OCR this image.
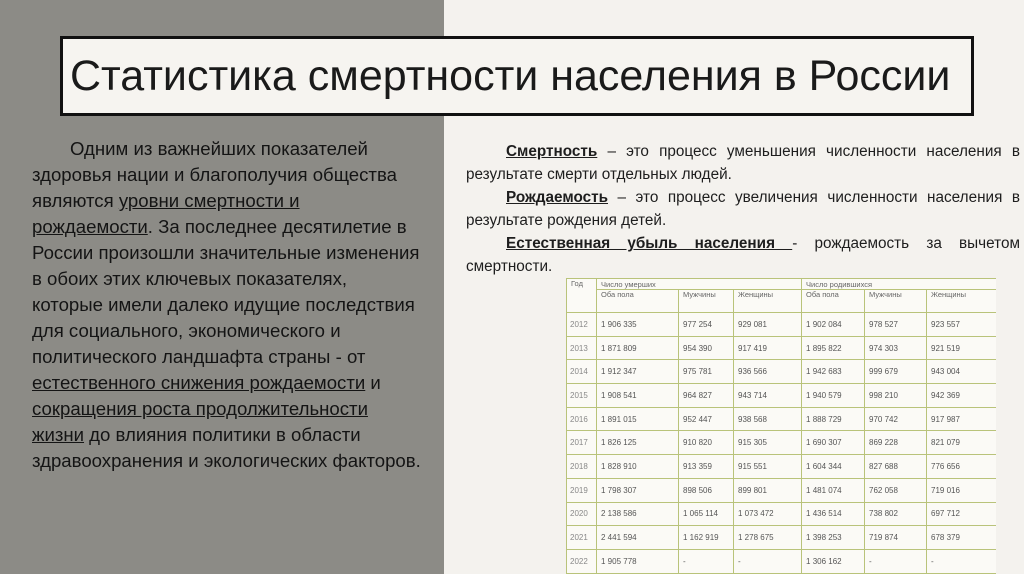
Статистика смертности населения в России

Одним из важнейших показателей здоровья нации и благополучия общества являются уровни смертности и рождаемости. За последнее десятилетие в России произошли значительные изменения в обоих этих ключевых показателях, которые имели далеко идущие последствия для социального, экономического и политического ландшафта страны - от естественного снижения рождаемости и сокращения роста продолжительности жизни до влияния политики в области здравоохранения и экологических факторов.

Смертность – это процесс уменьшения численности населения в результате смерти отдельных людей.

Рождаемость – это процесс увеличения численности населения в результате рождения детей.

Естественная убыль населения - рождаемость за вычетом смертности.

Год	Число умерших			Число родившихся		
	Оба пола	Мужчины	Женщины	Оба пола	Мужчины	Женщины
2012	1 906 335	977 254	929 081	1 902 084	978 527	923 557
2013	1 871 809	954 390	917 419	1 895 822	974 303	921 519
2014	1 912 347	975 781	936 566	1 942 683	999 679	943 004
2015	1 908 541	964 827	943 714	1 940 579	998 210	942 369
2016	1 891 015	952 447	938 568	1 888 729	970 742	917 987
2017	1 826 125	910 820	915 305	1 690 307	869 228	821 079
2018	1 828 910	913 359	915 551	1 604 344	827 688	776 656
2019	1 798 307	898 506	899 801	1 481 074	762 058	719 016
2020	2 138 586	1 065 114	1 073 472	1 436 514	738 802	697 712
2021	2 441 594	1 162 919	1 278 675	1 398 253	719 874	678 379
2022	1 905 778	-	-	1 306 162	-	-
